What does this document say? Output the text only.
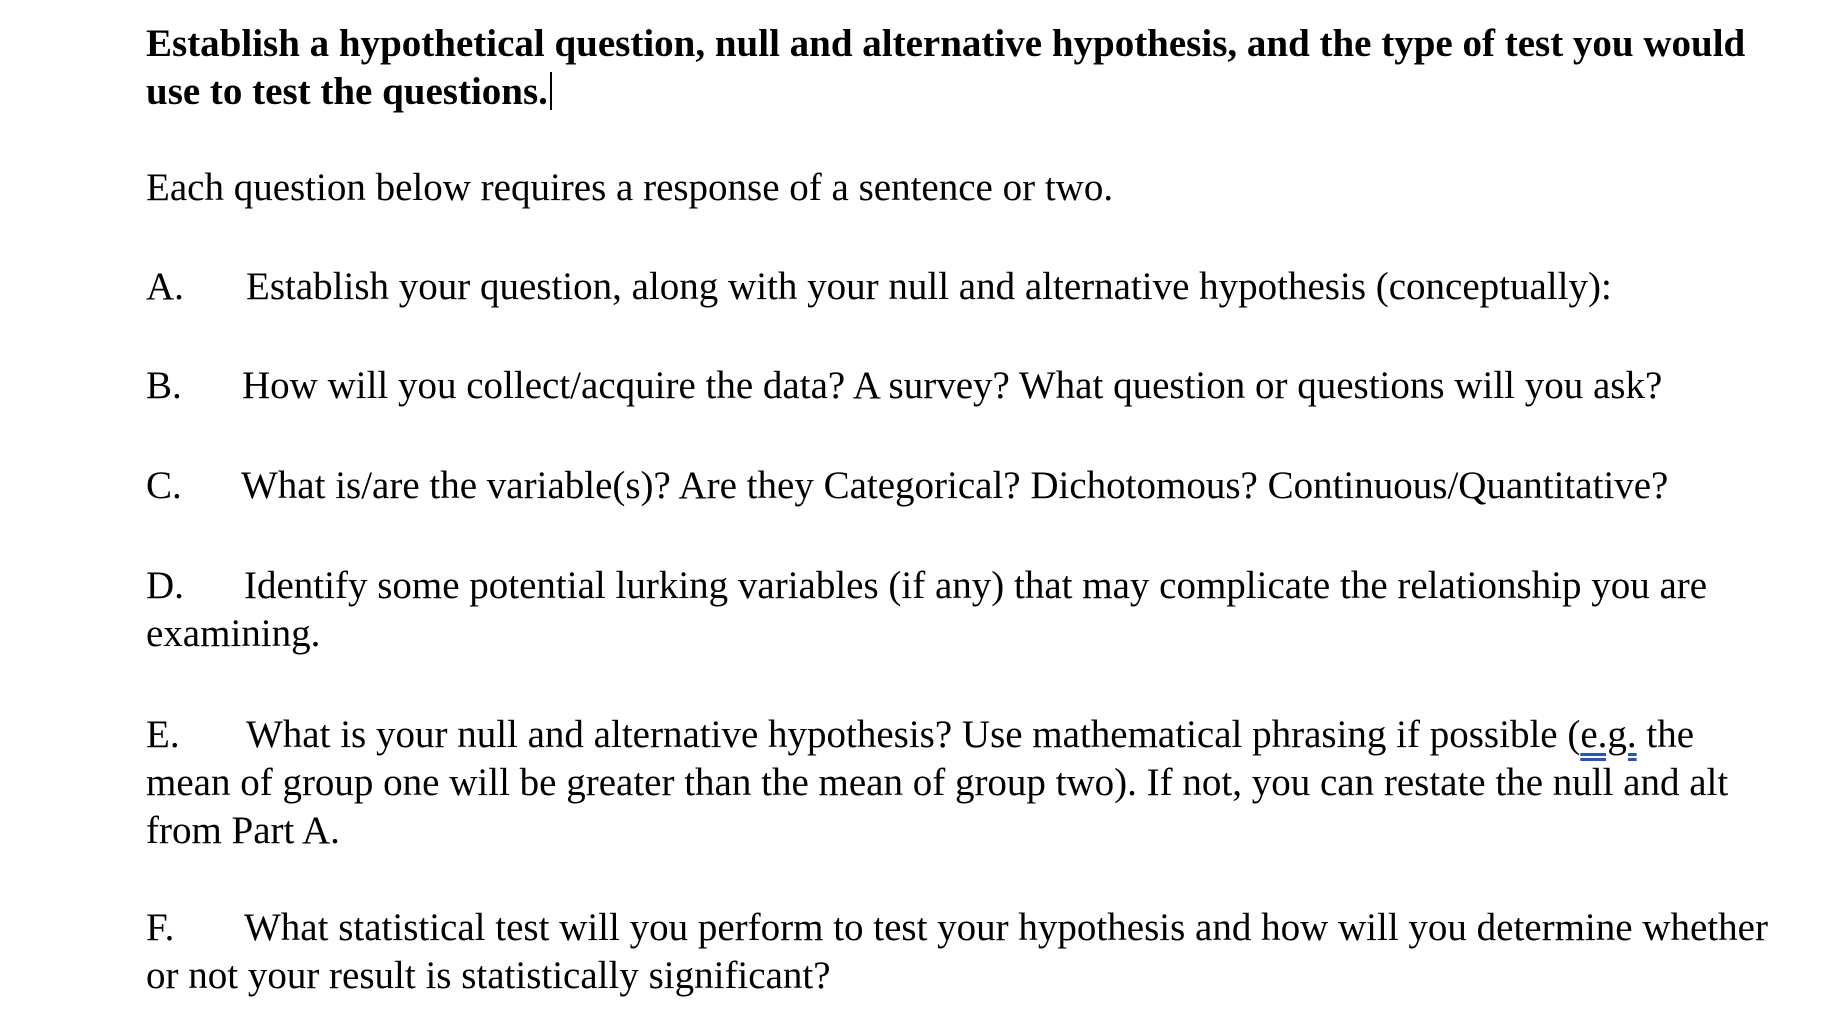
Establish a hypothetical question, null and alternative hypothesis, and the type of test you would use to test the questions.

Each question below requires a response of a sentence or two.

A. Establish your question, along with your null and alternative hypothesis (conceptually):

B. How will you collect/acquire the data? A survey? What question or questions will you ask?

C. What is/are the variable(s)? Are they Categorical? Dichotomous? Continuous/Quantitative?

D. Identify some potential lurking variables (if any) that may complicate the relationship you are examining.

E. What is your null and alternative hypothesis? Use mathematical phrasing if possible (e.g. the mean of group one will be greater than the mean of group two). If not, you can restate the null and alt from Part A.

F. What statistical test will you perform to test your hypothesis and how will you determine whether or not your result is statistically significant?
